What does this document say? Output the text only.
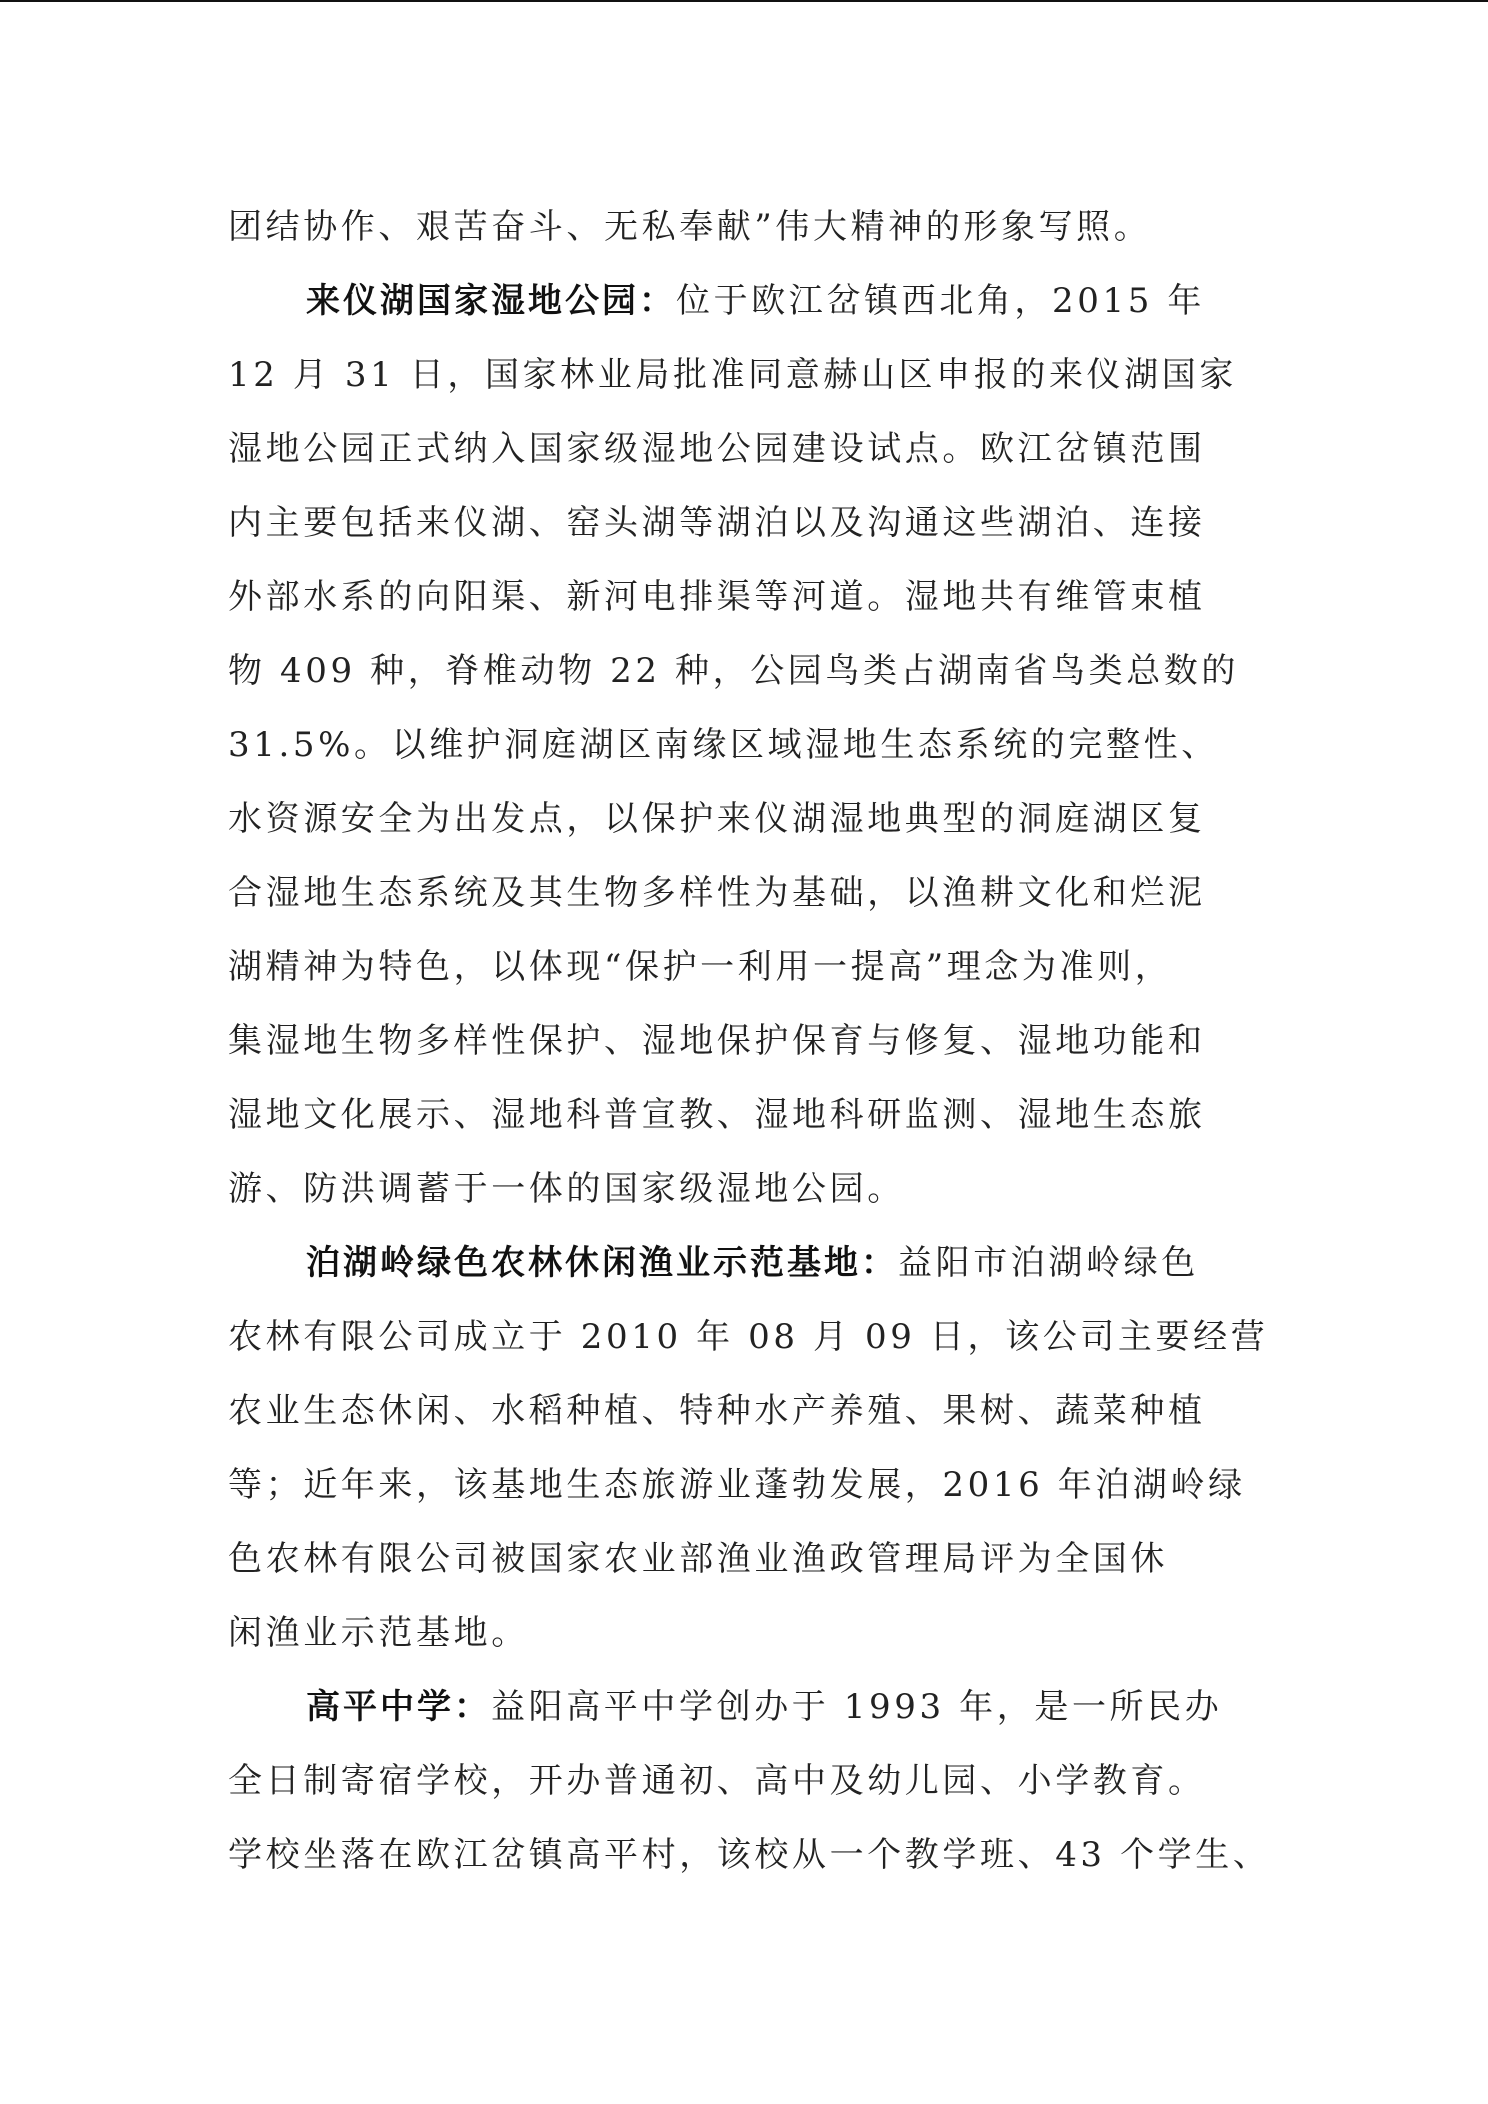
团结协作、艰苦奋斗、无私奉献”伟大精神的形象写照。
来仪湖国家湿地公园：位于欧江岔镇西北角，2015 年
12 月 31 日，国家林业局批准同意赫山区申报的来仪湖国家
湿地公园正式纳入国家级湿地公园建设试点。欧江岔镇范围
内主要包括来仪湖、窑头湖等湖泊以及沟通这些湖泊、连接
外部水系的向阳渠、新河电排渠等河道。湿地共有维管束植
物 409 种，脊椎动物 22 种，公园鸟类占湖南省鸟类总数的
31.5%。以维护洞庭湖区南缘区域湿地生态系统的完整性、
水资源安全为出发点，以保护来仪湖湿地典型的洞庭湖区复
合湿地生态系统及其生物多样性为基础，以渔耕文化和烂泥
湖精神为特色，以体现“保护一利用一提高”理念为准则，
集湿地生物多样性保护、湿地保护保育与修复、湿地功能和
湿地文化展示、湿地科普宣教、湿地科研监测、湿地生态旅
游、防洪调蓄于一体的国家级湿地公园。
泊湖岭绿色农林休闲渔业示范基地：益阳市泊湖岭绿色
农林有限公司成立于 2010 年 08 月 09 日，该公司主要经营
农业生态休闲、水稻种植、特种水产养殖、果树、蔬菜种植
等；近年来，该基地生态旅游业蓬勃发展，2016 年泊湖岭绿
色农林有限公司被国家农业部渔业渔政管理局评为全国休
闲渔业示范基地。
高平中学：益阳高平中学创办于 1993 年，是一所民办
全日制寄宿学校，开办普通初、高中及幼儿园、小学教育。
学校坐落在欧江岔镇高平村，该校从一个教学班、43 个学生、
